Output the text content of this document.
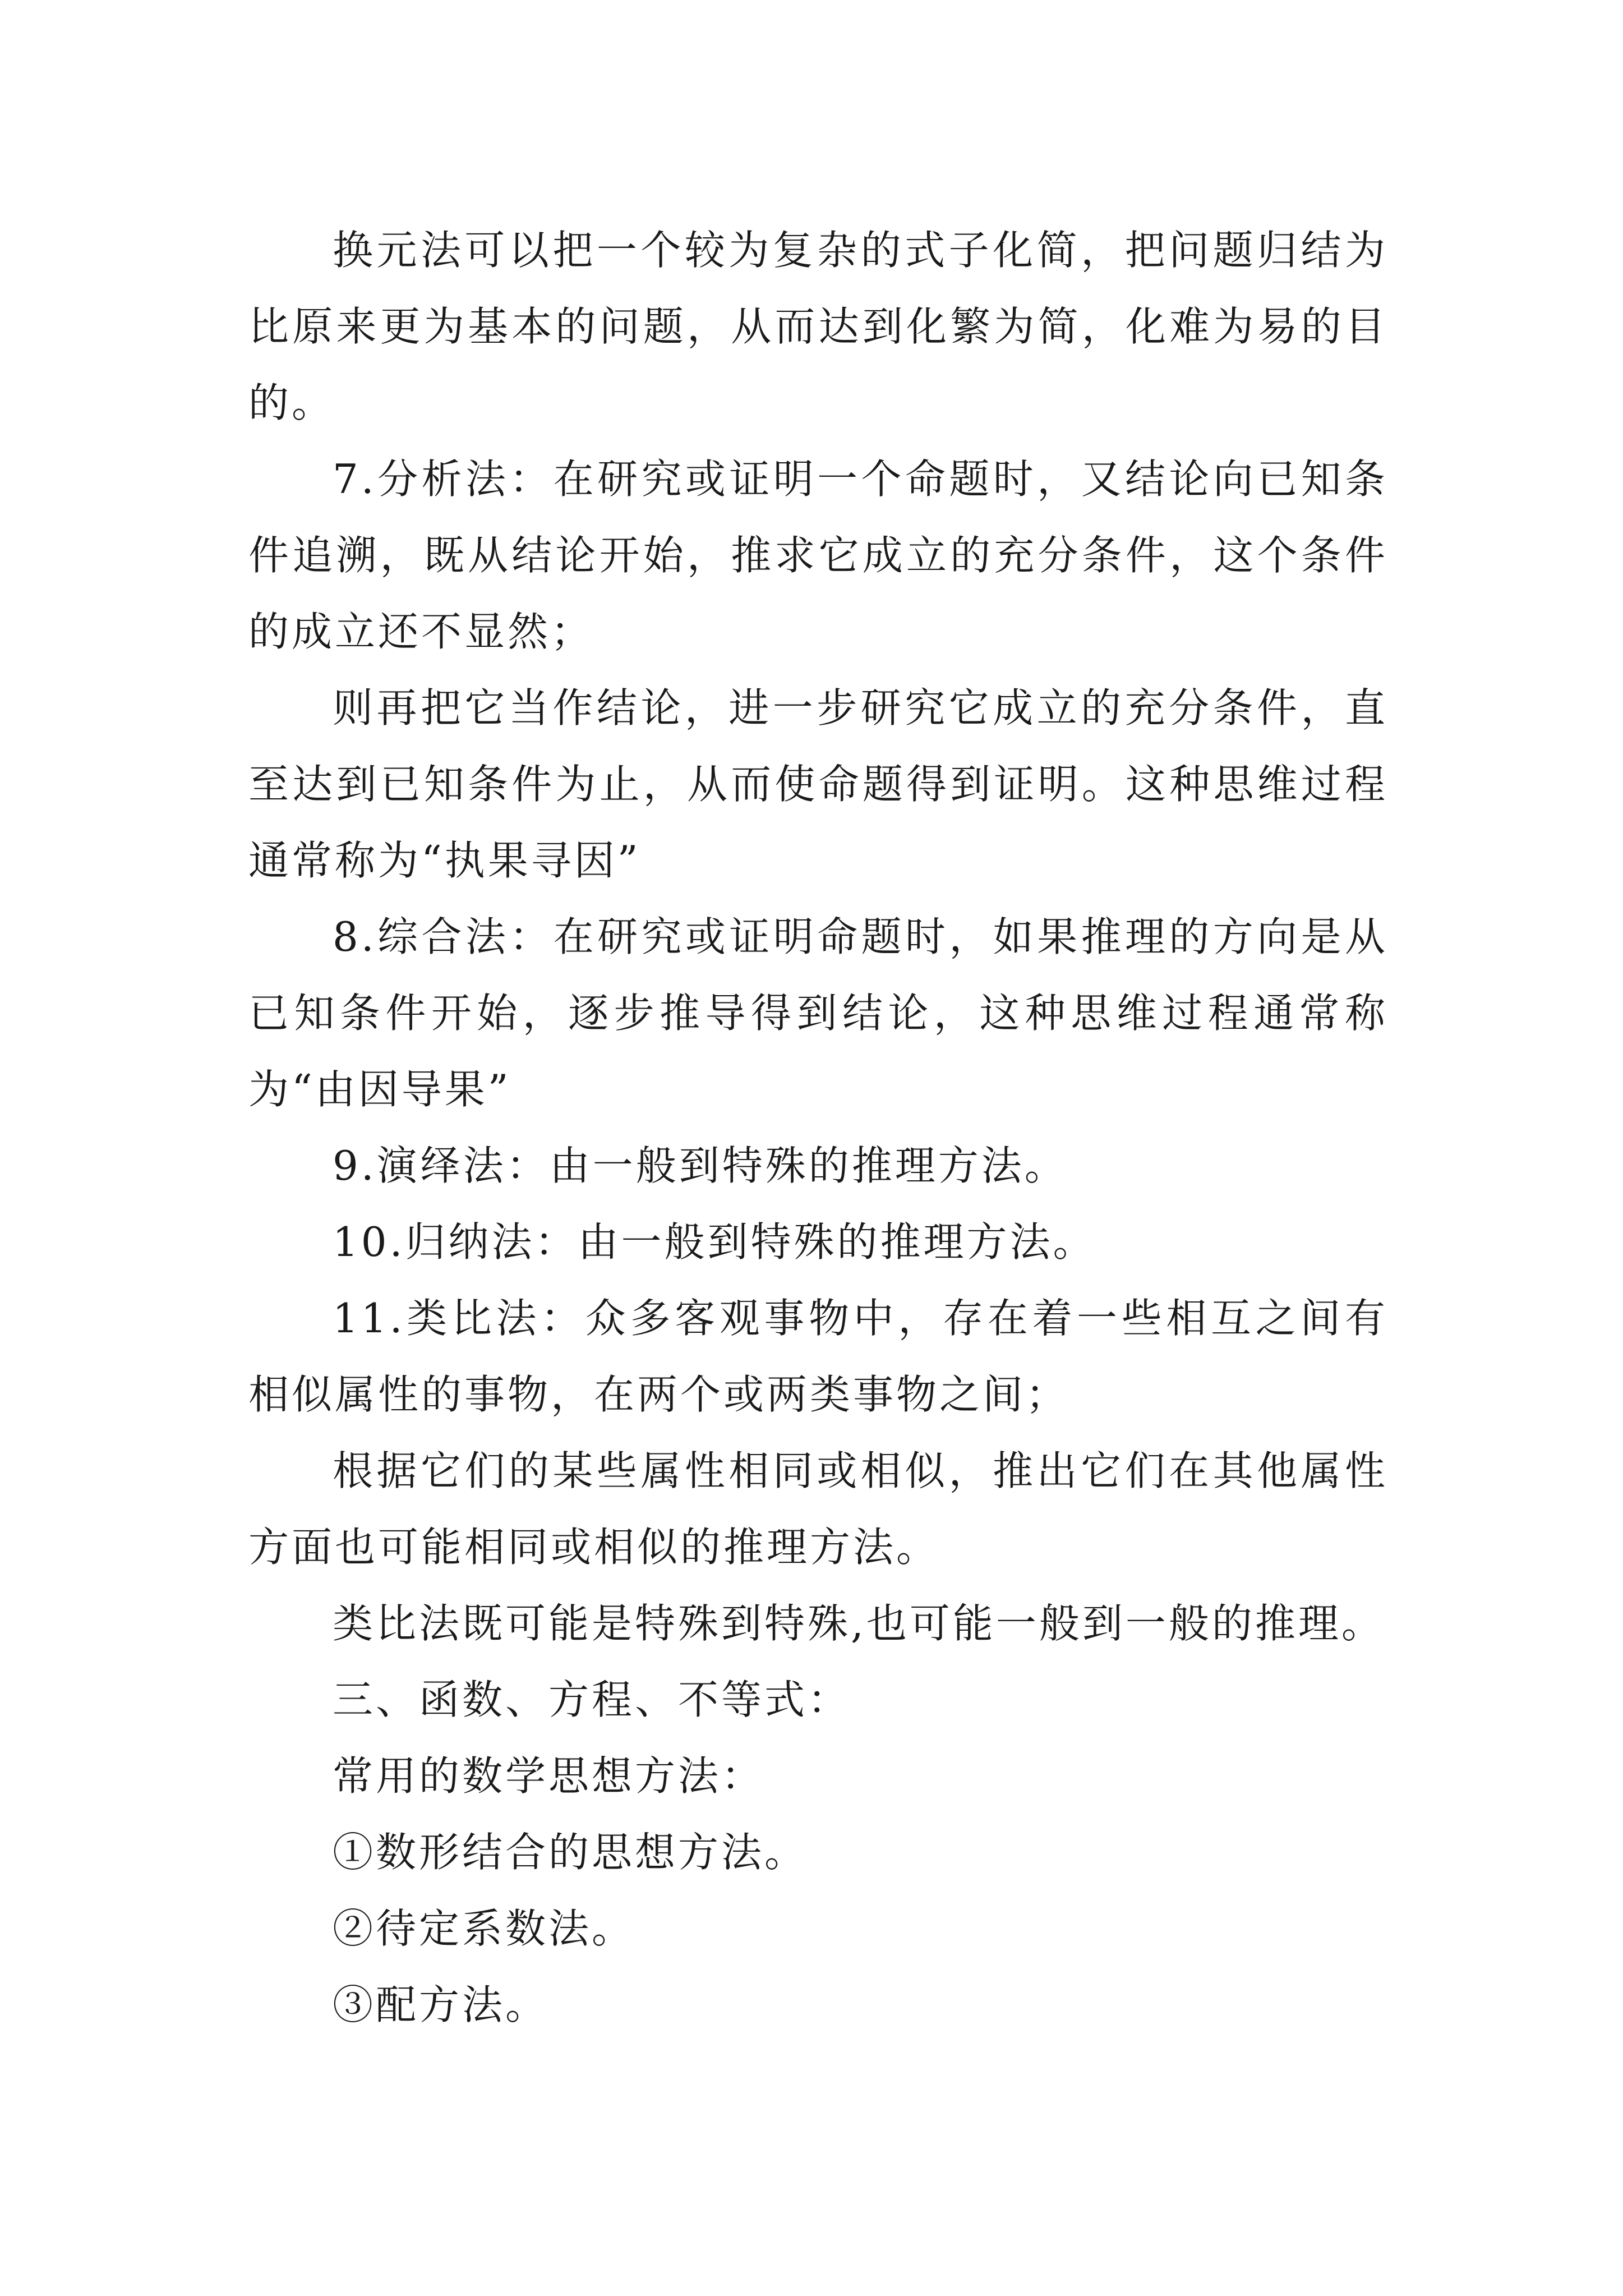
换元法可以把一个较为复杂的式子化简，把问题归结为比原来更为基本的问题，从而达到化繁为简，化难为易的目的。

7.分析法：在研究或证明一个命题时，又结论向已知条件追溯，既从结论开始，推求它成立的充分条件，这个条件的成立还不显然；

则再把它当作结论，进一步研究它成立的充分条件，直至达到已知条件为止，从而使命题得到证明。这种思维过程通常称为“执果寻因”

8.综合法：在研究或证明命题时，如果推理的方向是从已知条件开始，逐步推导得到结论，这种思维过程通常称为“由因导果”

9.演绎法：由一般到特殊的推理方法。

10.归纳法：由一般到特殊的推理方法。

11.类比法：众多客观事物中，存在着一些相互之间有相似属性的事物，在两个或两类事物之间；

根据它们的某些属性相同或相似，推出它们在其他属性方面也可能相同或相似的推理方法。

类比法既可能是特殊到特殊,也可能一般到一般的推理。

三、函数、方程、不等式：

常用的数学思想方法：

①数形结合的思想方法。

②待定系数法。

③配方法。
